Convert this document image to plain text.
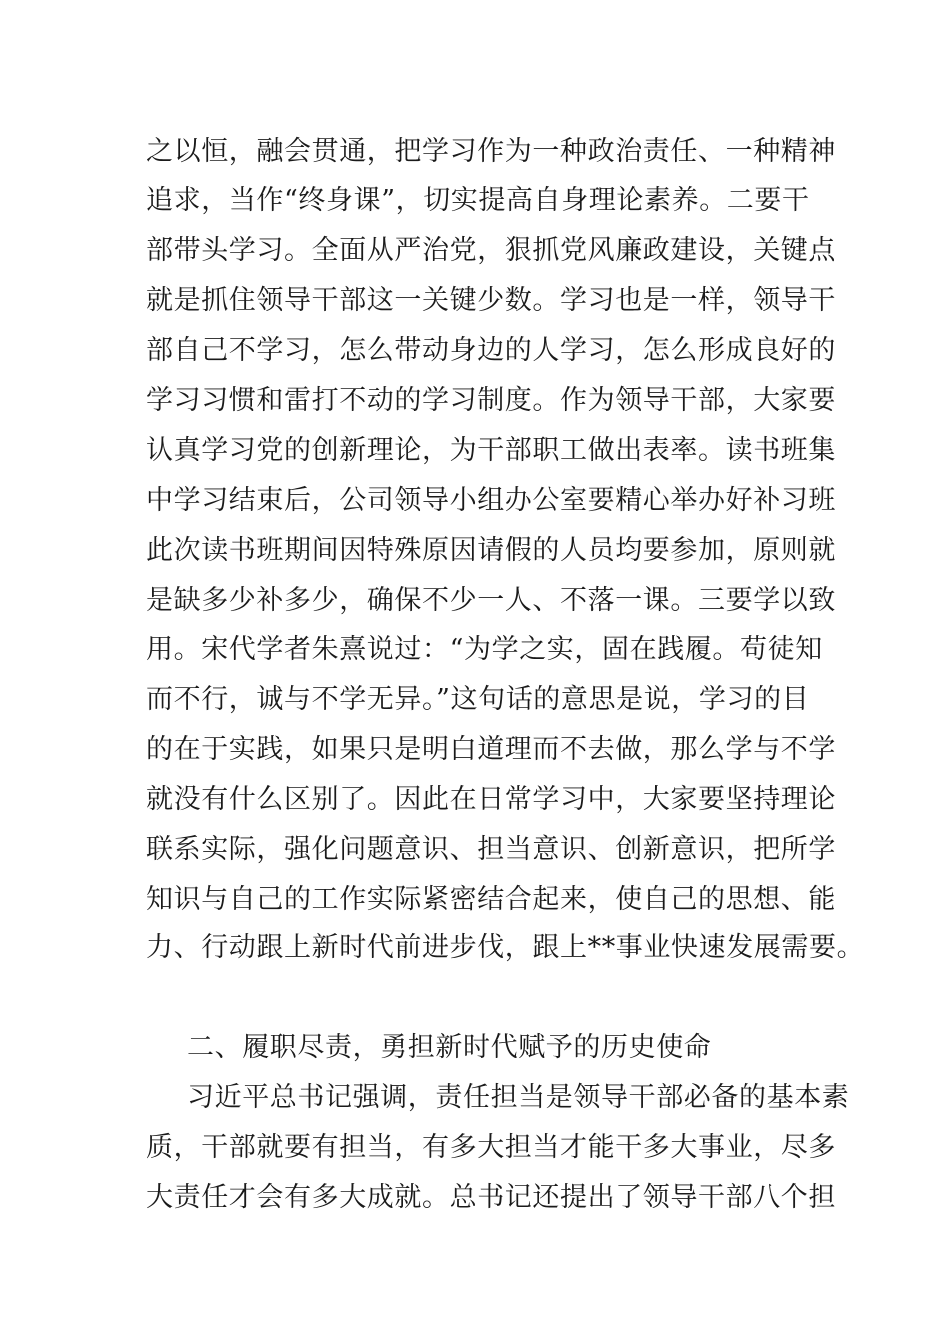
之以恒，融会贯通，把学习作为一种政治责任、一种精神
追求，当作“终身课”，切实提高自身理论素养。二要干
部带头学习。全面从严治党，狠抓党风廉政建设，关键点
就是抓住领导干部这一关键少数。学习也是一样，领导干
部自己不学习，怎么带动身边的人学习，怎么形成良好的
学习习惯和雷打不动的学习制度。作为领导干部，大家要
认真学习党的创新理论，为干部职工做出表率。读书班集
中学习结束后，公司领导小组办公室要精心举办好补习班
此次读书班期间因特殊原因请假的人员均要参加，原则就
是缺多少补多少，确保不少一人、不落一课。三要学以致
用。宋代学者朱熹说过：“为学之实，固在践履。苟徒知
而不行，诚与不学无异。”这句话的意思是说，学习的目
的在于实践，如果只是明白道理而不去做，那么学与不学
就没有什么区别了。因此在日常学习中，大家要坚持理论
联系实际，强化问题意识、担当意识、创新意识，把所学
知识与自己的工作实际紧密结合起来，使自己的思想、能
力、行动跟上新时代前进步伐，跟上**事业快速发展需要。
二、履职尽责，勇担新时代赋予的历史使命
习近平总书记强调，责任担当是领导干部必备的基本素
质，干部就要有担当，有多大担当才能干多大事业，尽多
大责任才会有多大成就。总书记还提出了领导干部八个担
